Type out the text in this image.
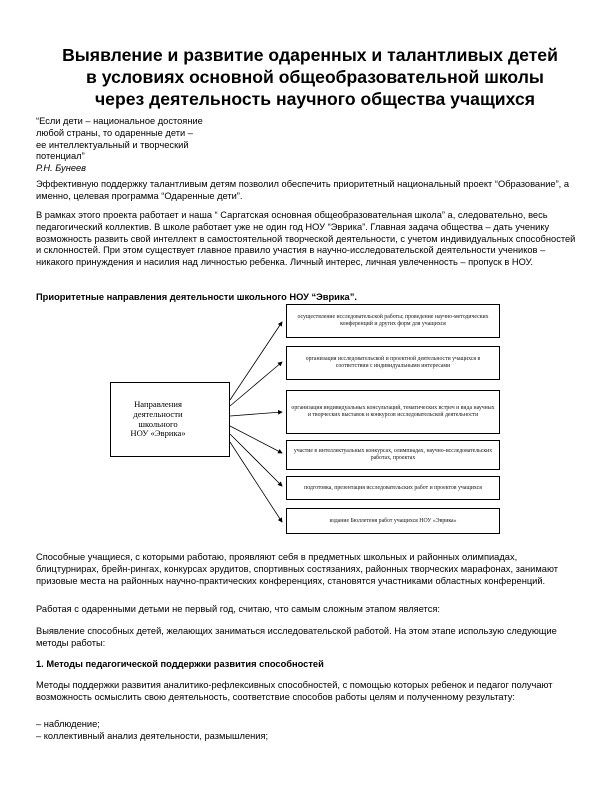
Выявление и развитие одаренных и талантливых детей
в условиях основной общеобразовательной школы
через деятельность научного общества учащихся
“Если дети – национальное достояние
любой страны, то одаренные дети –
ее интеллектуальный и творческий
потенциал”
Р.Н. Бунеев
Эффективную поддержку талантливым детям позволил обеспечить приоритетный национальный проект “Образование”, а именно, целевая программа “Одаренные дети”.
В рамках этого проекта работает и наша “ Саргатская основная общеобразовательная школа” а, следовательно, весь педагогический коллектив. В школе работает уже не один год НОУ “Эврика”. Главная задача общества – дать ученику возможность развить свой интеллект в самостоятельной творческой деятельности, с учетом индивидуальных способностей и склонностей. При этом существует главное правило участия в научно-исследовательской деятельности учеников – никакого принуждения и насилия над личностью ребенка. Личный интерес, личная увлеченность – пропуск в НОУ.
Приоритетные направления деятельности школьного НОУ “Эврика”.
Направления
деятельности
школьного
НОУ «Эврика»
осуществление исследовательской работы; проведение научно-методических конференций и других форм для учащихся
организация исследовательской и проектной деятельности учащихся в соответствии с индивидуальными интересами
организация индивидуальных консультаций, тематических встреч и вида научных и творческих выставок и конкурсов исследовательской деятельности
участие в интеллектуальных конкурсах, олимпиадах, научно-исследовательских работах, проектах
подготовка, презентация исследовательских работ и проектов учащихся
издание Бюллетеня работ учащихся НОУ «Эврика»
Способные учащиеся, с которыми работаю, проявляют себя в предметных школьных и районных олимпиадах, блицтурнирах, брейн-рингах, конкурсах эрудитов, спортивных состязаниях, районных творческих марафонах, занимают призовые места на районных научно-практических конференциях, становятся участниками областных конференций.
Работая с одаренными детьми не первый год, считаю, что самым сложным этапом является:
Выявление способных детей, желающих заниматься исследовательской работой. На этом этапе использую следующие методы работы:
1. Методы педагогической поддержки развития способностей
Методы поддержки развития аналитико-рефлексивных способностей, с помощью которых ребенок и педагог получают возможность осмыслить свою деятельность, соответствие способов работы целям и полученному результату:
– наблюдение;
– коллективный анализ деятельности, размышления;
